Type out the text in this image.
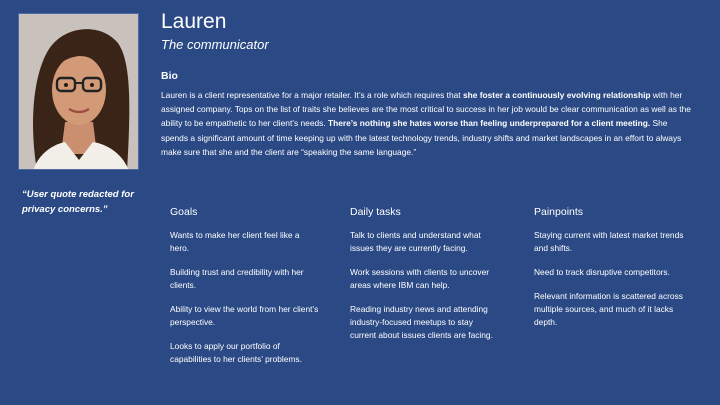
Lauren
The communicator
Bio

Lauren is a client representative for a major retailer. It’s a role which requires that she foster a continuously evolving relationship with her assigned company. Tops on the list of traits she believes are the most critical to success in her job would be clear communication as well as the ability to be empathetic to her client’s needs. There’s nothing she hates worse than feeling underprepared for a client meeting. She spends a significant amount of time keeping up with the latest technology trends, industry shifts and market landscapes in an effort to always make sure that she and the client are “speaking the same language.”

“User quote redacted for privacy concerns.”	Goals

Wants to make her client feel like a hero.

Building trust and credibility with her clients.

Ability to view the world from her client’s perspective.

Looks to apply our portfolio of capabilities to her clients’ problems.

Daily tasks

Talk to clients and understand what issues they are currently facing.

Work sessions with clients to uncover areas where IBM can help.

Reading industry news and attending industry-focused meetups to stay current about issues clients are facing.

Painpoints

Staying current with latest market trends and shifts.

Need to track disruptive competitors.

Relevant information is scattered across multiple sources, and much of it lacks depth.
